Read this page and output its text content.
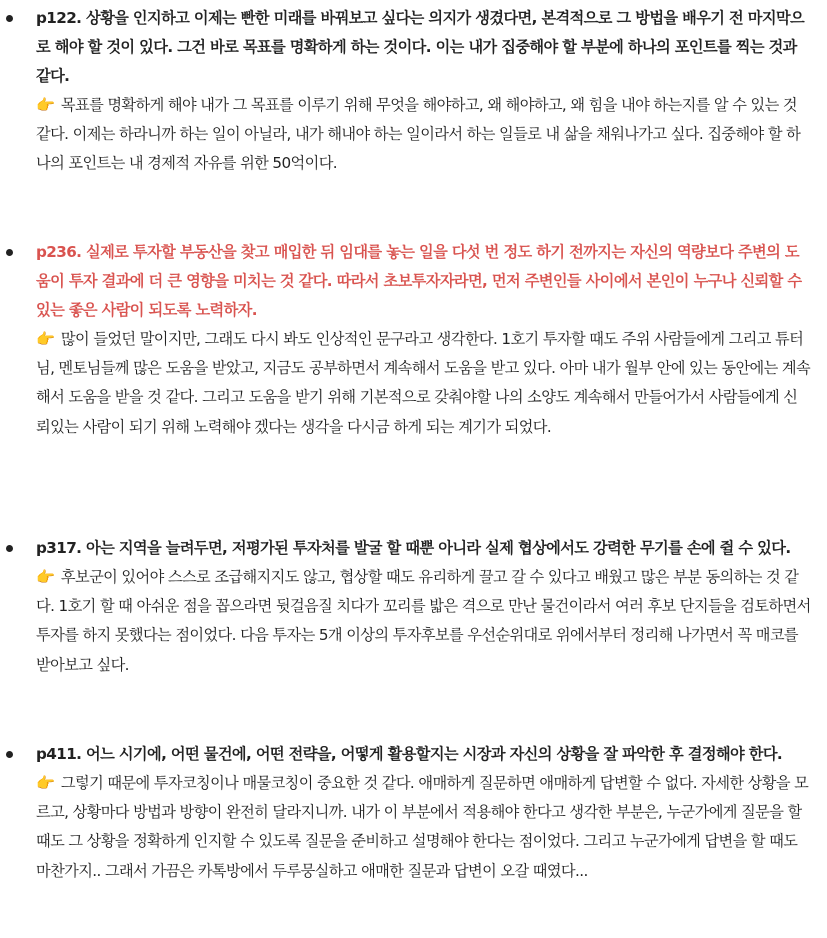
p122. 상황을 인지하고 이제는 빤한 미래를 바꿔보고 싶다는 의지가 생겼다면, 본격적으로 그 방법을 배우기 전 마지막으로 해야 할 것이 있다. 그건 바로 목표를 명확하게 하는 것이다. 이는 내가 집중해야 할 부분에 하나의 포인트를 찍는 것과 같다.

👉 목표를 명확하게 해야 내가 그 목표를 이루기 위해 무엇을 해야하고, 왜 해야하고, 왜 힘을 내야 하는지를 알 수 있는 것 같다. 이제는 하라니까 하는 일이 아닐라, 내가 해내야 하는 일이라서 하는 일들로 내 삶을 채워나가고 싶다. 집중해야 할 하나의 포인트는 내 경제적 자유를 위한 50억이다.

p236. 실제로 투자할 부동산을 찾고 매입한 뒤 임대를 놓는 일을 다섯 번 정도 하기 전까지는 자신의 역량보다 주변의 도움이 투자 결과에 더 큰 영향을 미치는 것 같다. 따라서 초보투자자라면, 먼저 주변인들 사이에서 본인이 누구나 신뢰할 수 있는 좋은 사람이 되도록 노력하자.

👉 많이 들었던 말이지만, 그래도 다시 봐도 인상적인 문구라고 생각한다. 1호기 투자할 때도 주위 사람들에게 그리고 튜터님, 멘토님들께 많은 도움을 받았고, 지금도 공부하면서 계속해서 도움을 받고 있다. 아마 내가 월부 안에 있는 동안에는 계속해서 도움을 받을 것 같다. 그리고 도움을 받기 위해 기본적으로 갖춰야할 나의 소양도 계속해서 만들어가서 사람들에게 신뢰있는 사람이 되기 위해 노력해야 겠다는 생각을 다시금 하게 되는 계기가 되었다.

p317. 아는 지역을 늘려두면, 저평가된 투자처를 발굴 할 때뿐 아니라 실제 협상에서도 강력한 무기를 손에 쥘 수 있다.

👉 후보군이 있어야 스스로 조급해지지도 않고, 협상할 때도 유리하게 끌고 갈 수 있다고 배웠고 많은 부분 동의하는 것 같다. 1호기 할 때 아쉬운 점을 꼽으라면 뒷걸음질 치다가 꼬리를 밟은 격으로 만난 물건이라서 여러 후보 단지들을 검토하면서 투자를 하지 못했다는 점이었다. 다음 투자는 5개 이상의 투자후보를 우선순위대로 위에서부터 정리해 나가면서 꼭 매코를 받아보고 싶다.

p411. 어느 시기에, 어떤 물건에, 어떤 전략을, 어떻게 활용할지는 시장과 자신의 상황을 잘 파악한 후 결정해야 한다.

👉 그렇기 때문에 투자코칭이나 매물코칭이 중요한 것 같다. 애매하게 질문하면 애매하게 답변할 수 없다. 자세한 상황을 모르고, 상황마다 방법과 방향이 완전히 달라지니까. 내가 이 부분에서 적용해야 한다고 생각한 부분은, 누군가에게 질문을 할 때도 그 상황을 정확하게 인지할 수 있도록 질문을 준비하고 설명해야 한다는 점이었다. 그리고 누군가에게 답변을 할 때도 마찬가지.. 그래서 가끔은 카톡방에서 두루뭉실하고 애매한 질문과 답변이 오갈 때였다...
